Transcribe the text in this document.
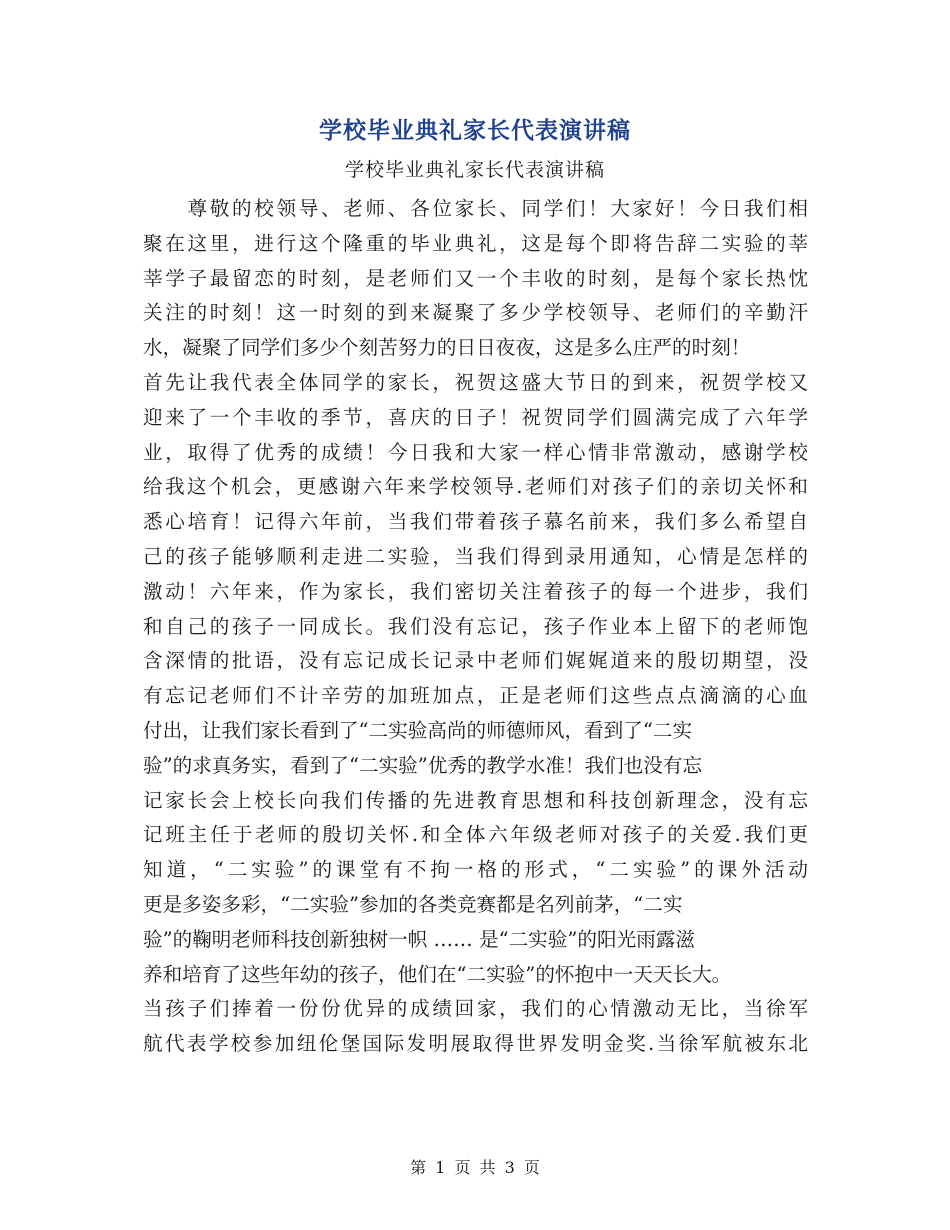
学校毕业典礼家长代表演讲稿
学校毕业典礼家长代表演讲稿
　　尊敬的校领导、老师、各位家长、同学们！大家好！今日我们相
聚在这里，进行这个隆重的毕业典礼，这是每个即将告辞二实验的莘
莘学子最留恋的时刻，是老师们又一个丰收的时刻，是每个家长热忱
关注的时刻！这一时刻的到来凝聚了多少学校领导、老师们的辛勤汗
水，凝聚了同学们多少个刻苦努力的日日夜夜，这是多么庄严的时刻！
首先让我代表全体同学的家长，祝贺这盛大节日的到来，祝贺学校又
迎来了一个丰收的季节，喜庆的日子！祝贺同学们圆满完成了六年学
业，取得了优秀的成绩！今日我和大家一样心情非常激动，感谢学校
给我这个机会，更感谢六年来学校领导.老师们对孩子们的亲切关怀和
悉心培育！记得六年前，当我们带着孩子慕名前来，我们多么希望自
己的孩子能够顺利走进二实验，当我们得到录用通知，心情是怎样的
激动！六年来，作为家长，我们密切关注着孩子的每一个进步，我们
和自己的孩子一同成长。我们没有忘记，孩子作业本上留下的老师饱
含深情的批语，没有忘记成长记录中老师们娓娓道来的殷切期望，没
有忘记老师们不计辛劳的加班加点，正是老师们这些点点滴滴的心血
付出，让我们家长看到了“二实验高尚的师德师风，看到了“二实
验”的求真务实，看到了“二实验”优秀的教学水准！我们也没有忘
记家长会上校长向我们传播的先进教育思想和科技创新理念，没有忘
记班主任于老师的殷切关怀.和全体六年级老师对孩子的关爱.我们更
知道，“二实验”的课堂有不拘一格的形式，“二实验”的课外活动
更是多姿多彩，“二实验”参加的各类竞赛都是名列前茅，“二实
验”的鞠明老师科技创新独树一帜 …… 是“二实验”的阳光雨露滋
养和培育了这些年幼的孩子，他们在“二实验”的怀抱中一天天长大。
当孩子们捧着一份份优异的成绩回家，我们的心情激动无比，当徐军
航代表学校参加纽伦堡国际发明展取得世界发明金奖.当徐军航被东北
第 1 页 共 3 页
